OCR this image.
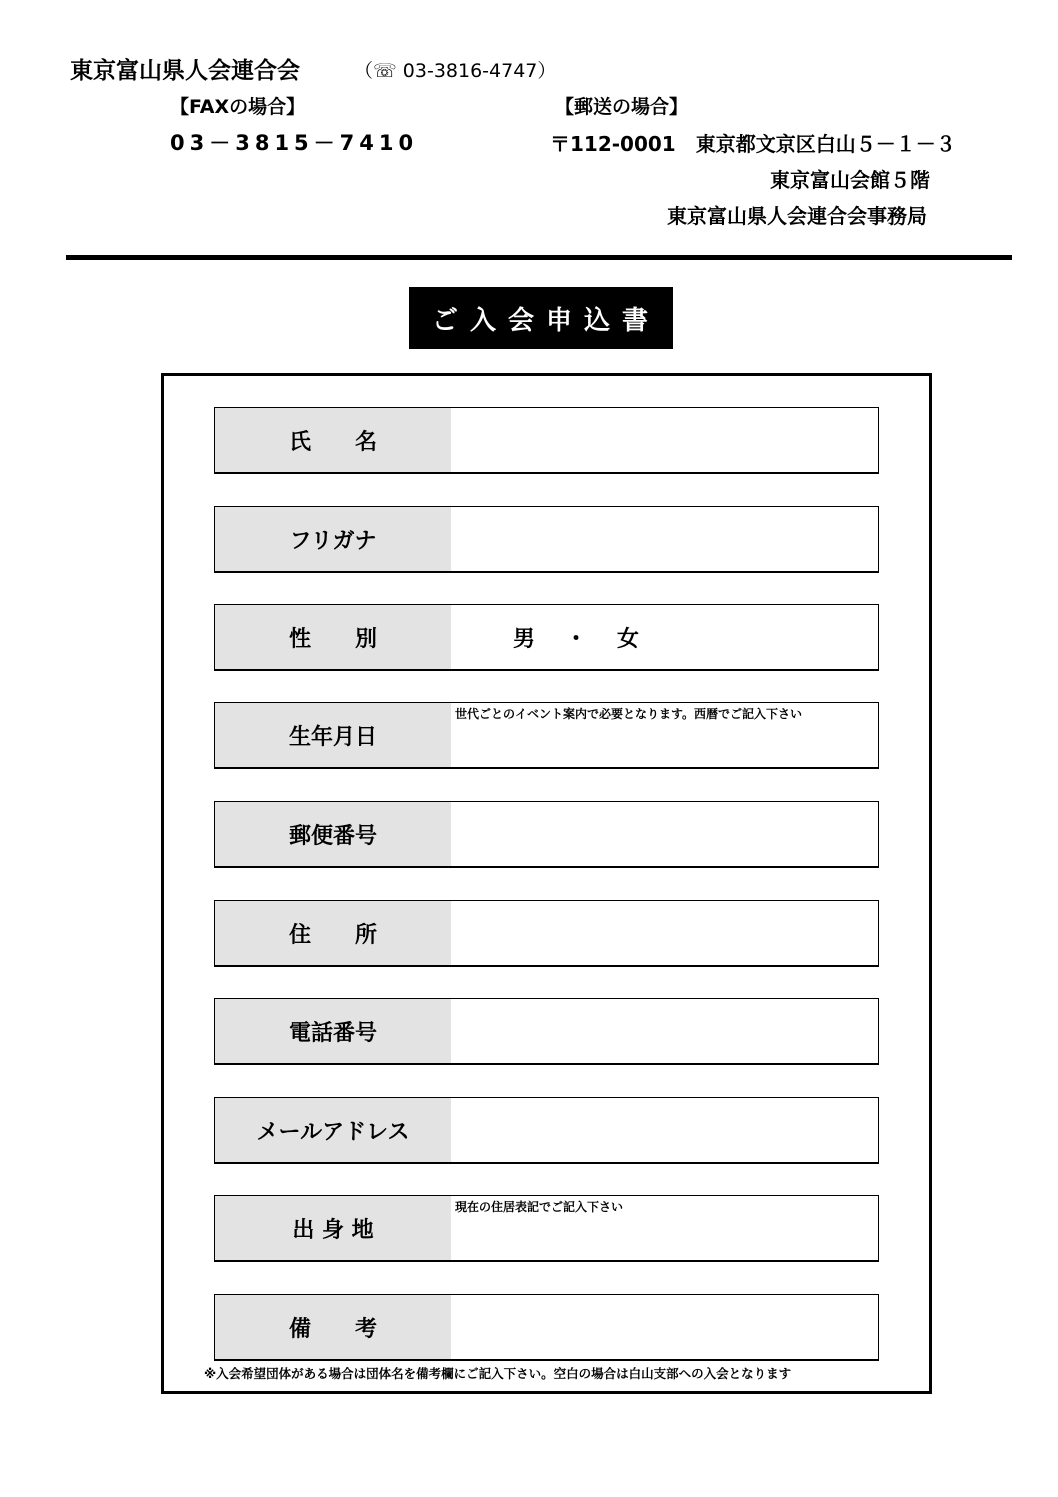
東京富山県人会連合会	（☏ 03-3816-4747）
【FAXの場合】
03－3815－7410
【郵送の場合】
〒112-0001　東京都文京区白山５－１－３
東京富山会館５階
東京富山県人会連合会事務局
ご入会申込書
氏　　名
フリガナ
性　　別	男・女
生年月日
世代ごとのイベント案内で必要となります。西暦でご記入下さい
郵便番号
住　　所
電話番号
メールアドレス
出 身 地
現在の住居表記でご記入下さい
備　　考
※入会希望団体がある場合は団体名を備考欄にご記入下さい。空白の場合は白山支部への入会となります
